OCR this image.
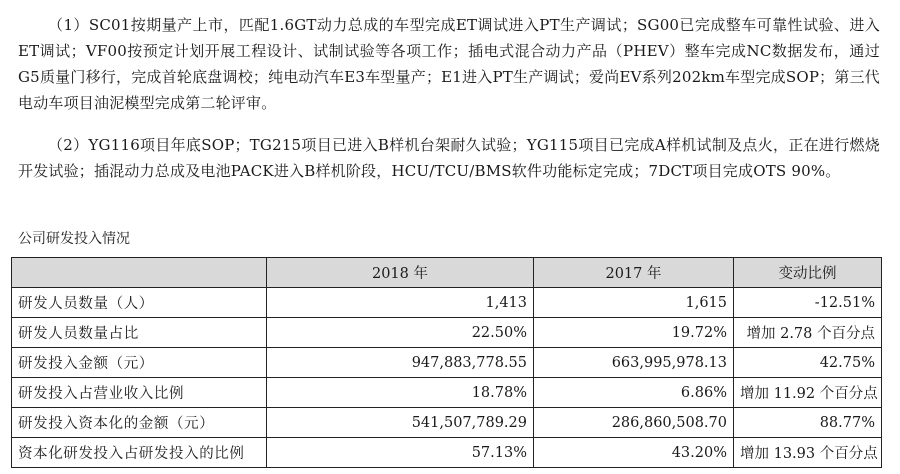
（1）SC01按期量产上市，匹配1.6GT动力总成的车型完成ET调试进入PT生产调试；SG00已完成整车可靠性试验、进入ET调试；VF00按预定计划开展工程设计、试制试验等各项工作；插电式混合动力产品（PHEV）整车完成NC数据发布，通过G5质量门移行，完成首轮底盘调校；纯电动汽车E3车型量产；E1进入PT生产调试；爱尚EV系列202km车型完成SOP；第三代电动车项目油泥模型完成第二轮评审。
（2）YG116项目年底SOP；TG215项目已进入B样机台架耐久试验；YG115项目已完成A样机试制及点火，正在进行燃烧开发试验；插混动力总成及电池PACK进入B样机阶段，HCU/TCU/BMS软件功能标定完成；7DCT项目完成OTS 90%。
公司研发投入情况
	2018 年	2017 年	变动比例
研发人员数量（人）	1,413	1,615	-12.51%
研发人员数量占比	22.50%	19.72%	增加 2.78 个百分点
研发投入金额（元）	947,883,778.55	663,995,978.13	42.75%
研发投入占营业收入比例	18.78%	6.86%	增加 11.92 个百分点
研发投入资本化的金额（元）	541,507,789.29	286,860,508.70	88.77%
资本化研发投入占研发投入的比例	57.13%	43.20%	增加 13.93 个百分点
